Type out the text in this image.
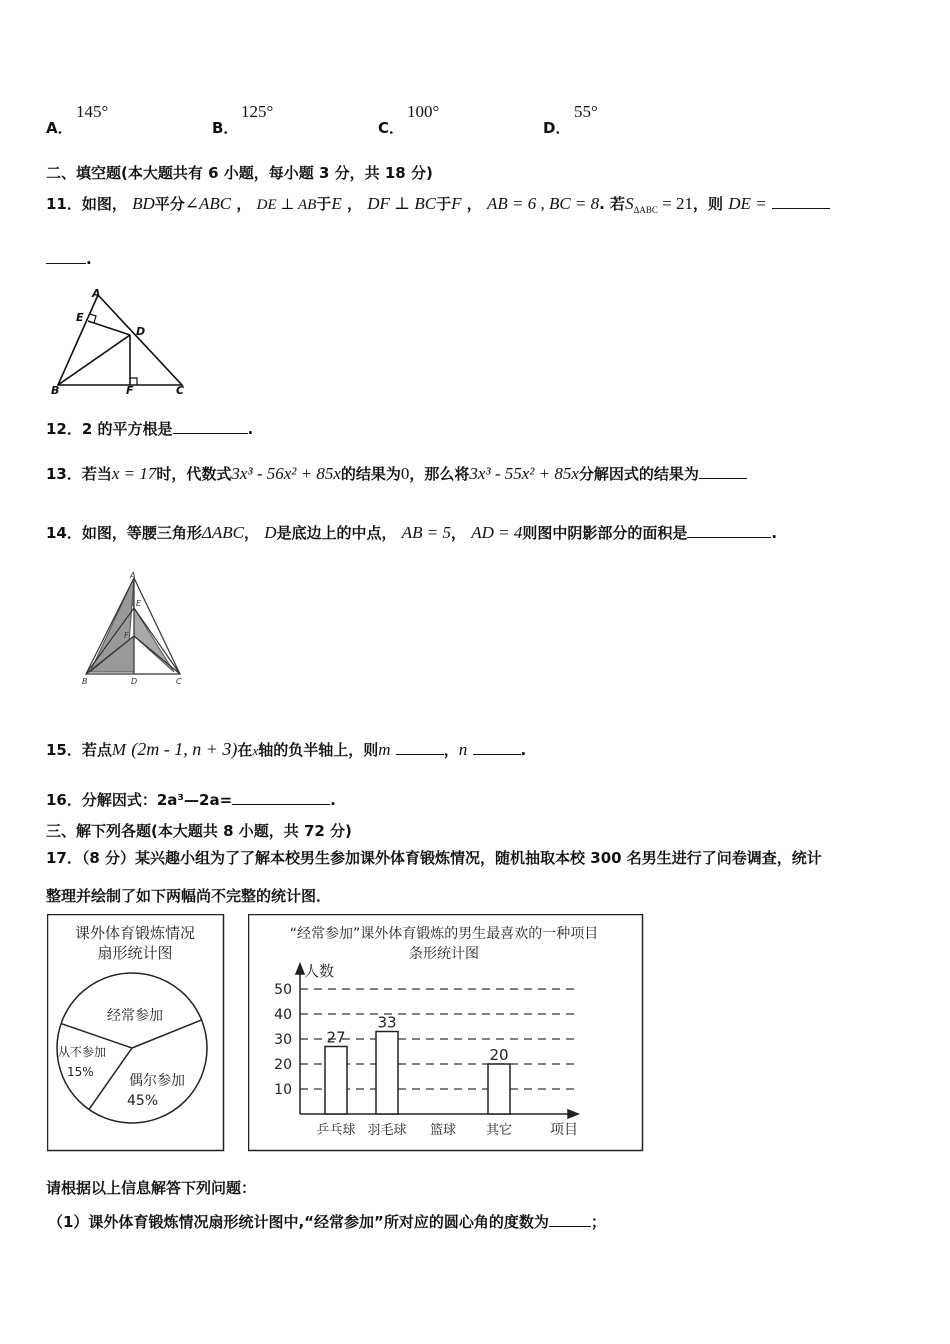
A．
145°
B．
125°
C．
100°
D．
55°
二、填空题(本大题共有 6 小题，每小题 3 分，共 18 分)
11．如图， BD平分∠ABC ， DE ⊥ AB于E ， DF ⊥ BC于F ， AB = 6 , BC = 8. 若$S_{\Delta ABC} = 21$，则 DE =
.
A
E
D
B	F	C
12．2 的平方根是	.
13．若当x = 17时，代数式3x³ - 56x² + 85x的结果为0，那么将3x³ - 55x² + 85x分解因式的结果为
14．如图，等腰三角形ΔABC， D是底边上的中点， AB = 5， AD = 4则图中阴影部分的面积是	.
A
E
F
B	D	C
15．若点M (2m - 1, n + 3)在x轴的负半轴上，则m	，n	.
16．分解因式：2a³—2a=	.
三、解下列各题(本大题共 8 小题，共 72 分)
17．（8 分）某兴趣小组为了了解本校男生参加课外体育锻炼情况，随机抽取本校 300 名男生进行了问卷调查，统计
整理并绘制了如下两幅尚不完整的统计图．
课外体育锻炼情况
扇形统计图
经常参加
从不参加
15%
偶尔参加
45%
“经常参加”课外体育锻炼的男生最喜欢的一种项目
条形统计图
人数
项目
10
20
30
40
50
27
乒乓球
33
羽毛球 篮球
20
其它
请根据以上信息解答下列问题：
（1）课外体育锻炼情况扇形统计图中,“经常参加”所对应的圆心角的度数为	；
